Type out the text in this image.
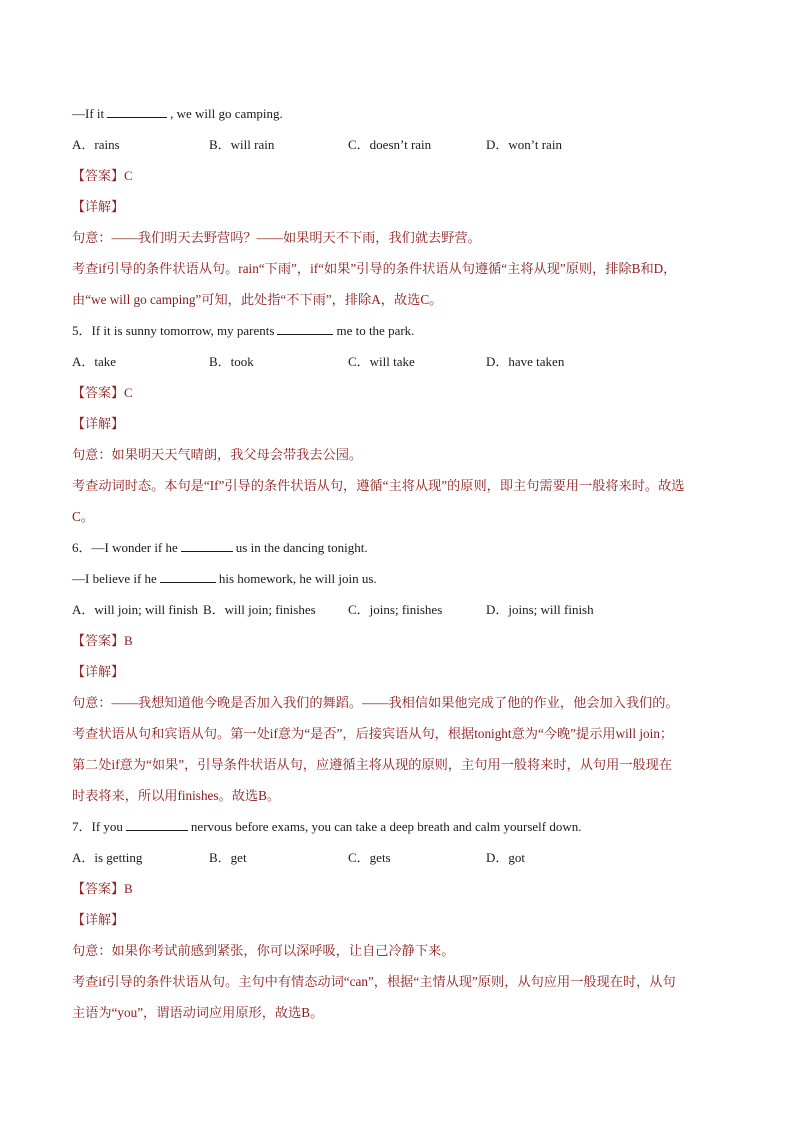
—If it	, we will go camping.
A．rains	B．will rain	C．doesn’t rain	D．won’t rain
【答案】C
【详解】
句意：——我们明天去野营吗？——如果明天不下雨，我们就去野营。
考查if引导的条件状语从句。rain“下雨”，if“如果”引导的条件状语从句遵循“主将从现”原则，排除B和D，
由“we will go camping”可知，此处指“不下雨”，排除A，故选C。
5．If it is sunny tomorrow, my parents	me to the park.
A．take	B．took	C．will take	D．have taken
【答案】C
【详解】
句意：如果明天天气晴朗，我父母会带我去公园。
考查动词时态。本句是“If”引导的条件状语从句，遵循“主将从现”的原则，即主句需要用一般将来时。故选
C。
6．—I wonder if he	us in the dancing tonight.
—I believe if he	his homework, he will join us.
A．will join; will finish B．will join; finishes C．joins; finishes	D．joins; will finish
【答案】B
【详解】
句意：——我想知道他今晚是否加入我们的舞蹈。——我相信如果他完成了他的作业，他会加入我们的。
考查状语从句和宾语从句。第一处if意为“是否”，后接宾语从句，根据tonight意为“今晚”提示用will join；
第二处if意为“如果”，引导条件状语从句，应遵循主将从现的原则，主句用一般将来时，从句用一般现在
时表将来，所以用finishes。故选B。
7．If you	nervous before exams, you can take a deep breath and calm yourself down.
A．is getting	B．get	C．gets	D．got
【答案】B
【详解】
句意：如果你考试前感到紧张，你可以深呼吸，让自己冷静下来。
考查if引导的条件状语从句。主句中有情态动词“can”，根据“主情从现”原则，从句应用一般现在时，从句
主语为“you”，谓语动词应用原形，故选B。
